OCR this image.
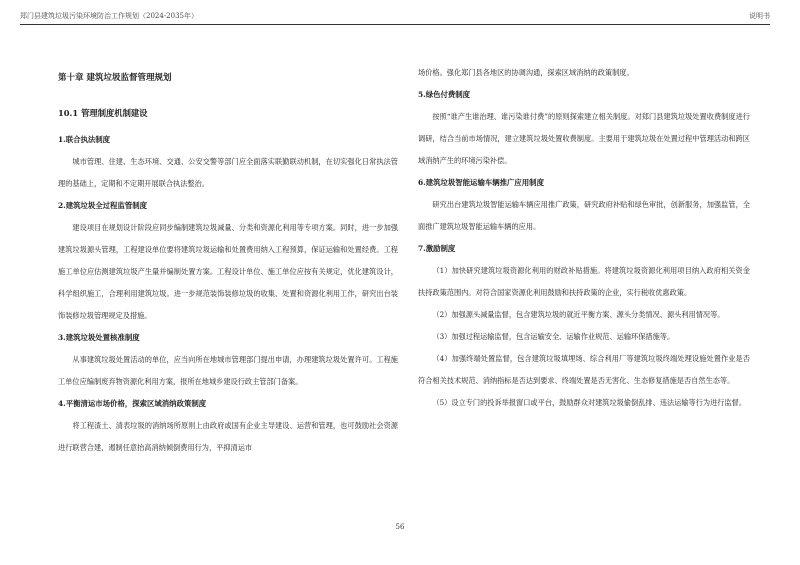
郑门县建筑垃圾污染环境防治工作规划（2024-2035年）	说明书

第十章 建筑垃圾监督管理规划

10.1 管理制度机制建设

1.联合执法制度

城市管理、住建、生态环境、交通、公安交警等部门应全面落实联勤联动机制，在切实强化日常执法管理的基础上，定期和不定期开展联合执法整治。

2.建筑垃圾全过程监管制度

建设项目在规划设计阶段应同步编制建筑垃圾减量、分类和资源化利用等专项方案。同时，进一步加强建筑垃圾源头管理，工程建设单位要将建筑垃圾运输和处置费用纳入工程预算，保证运输和处置经费。工程施工单位应估测建筑垃圾产生量并编制处置方案。工程设计单位、施工单位应按有关规定，优化建筑设计，科学组织施工，合理利用建筑垃圾。进一步规范装饰装修垃圾的收集、处置和资源化利用工作，研究出台装饰装修垃圾管理规定及措施。

3.建筑垃圾处置核准制度

从事建筑垃圾处置活动的单位，应当向所在地城市管理部门提出申请，办理建筑垃圾处置许可。工程施工单位应编制废弃物资源化利用方案，报所在地城乡建设行政主管部门备案。

4.平衡清运市场价格，探索区域消纳政策制度

将工程渣土、清表垃圾的消纳场所原则上由政府或国有企业主导建设、运营和管理，也可鼓励社会资源进行联营合建，遏制任意抬高消纳倾倒费用行为，平抑清运市

场价格。强化郑门县各地区的协调沟通，探索区域消纳的政策制度。

5.绿色付费制度

按照“谁产生谁治理、谁污染谁付费”的原则探索建立相关制度。对郑门县建筑垃圾处置收费制度进行调研，结合当前市场情况，建立建筑垃圾处置收费制度。主要用于建筑垃圾在处置过程中管理活动和跨区域消纳产生的环境污染补偿。

6.建筑垃圾智能运输车辆推广应用制度

研究出台建筑垃圾智能运输车辆应用推广政策，研究政府补贴和绿色审批，创新服务，加强监管，全面推广建筑垃圾智能运输车辆的应用。

7.激励制度

（1）加快研究建筑垃圾资源化利用的财政补贴措施。将建筑垃圾资源化利用项目纳入政府相关资金扶持政策范围内。对符合国家资源化利用鼓励和扶持政策的企业，实行税收优惠政策。

（2）加强源头减量监督，包含建筑垃圾的就近平衡方案、源头分类情况、源头利用情况等。

（3）加强过程运输监督，包含运输安全、运输作业规范、运输环保措施等。

（4）加强终端处置监督，包含建筑垃圾填埋场、综合利用厂等建筑垃圾终端处理设施处置作业是否符合相关技术规范、消纳指标是否达到要求、终端处置是否无害化、生态修复措施是否自然生态等。

（5）设立专门的投诉举报窗口或平台，鼓励群众对建筑垃圾偷倒乱排、违法运输等行为进行监督。

56
